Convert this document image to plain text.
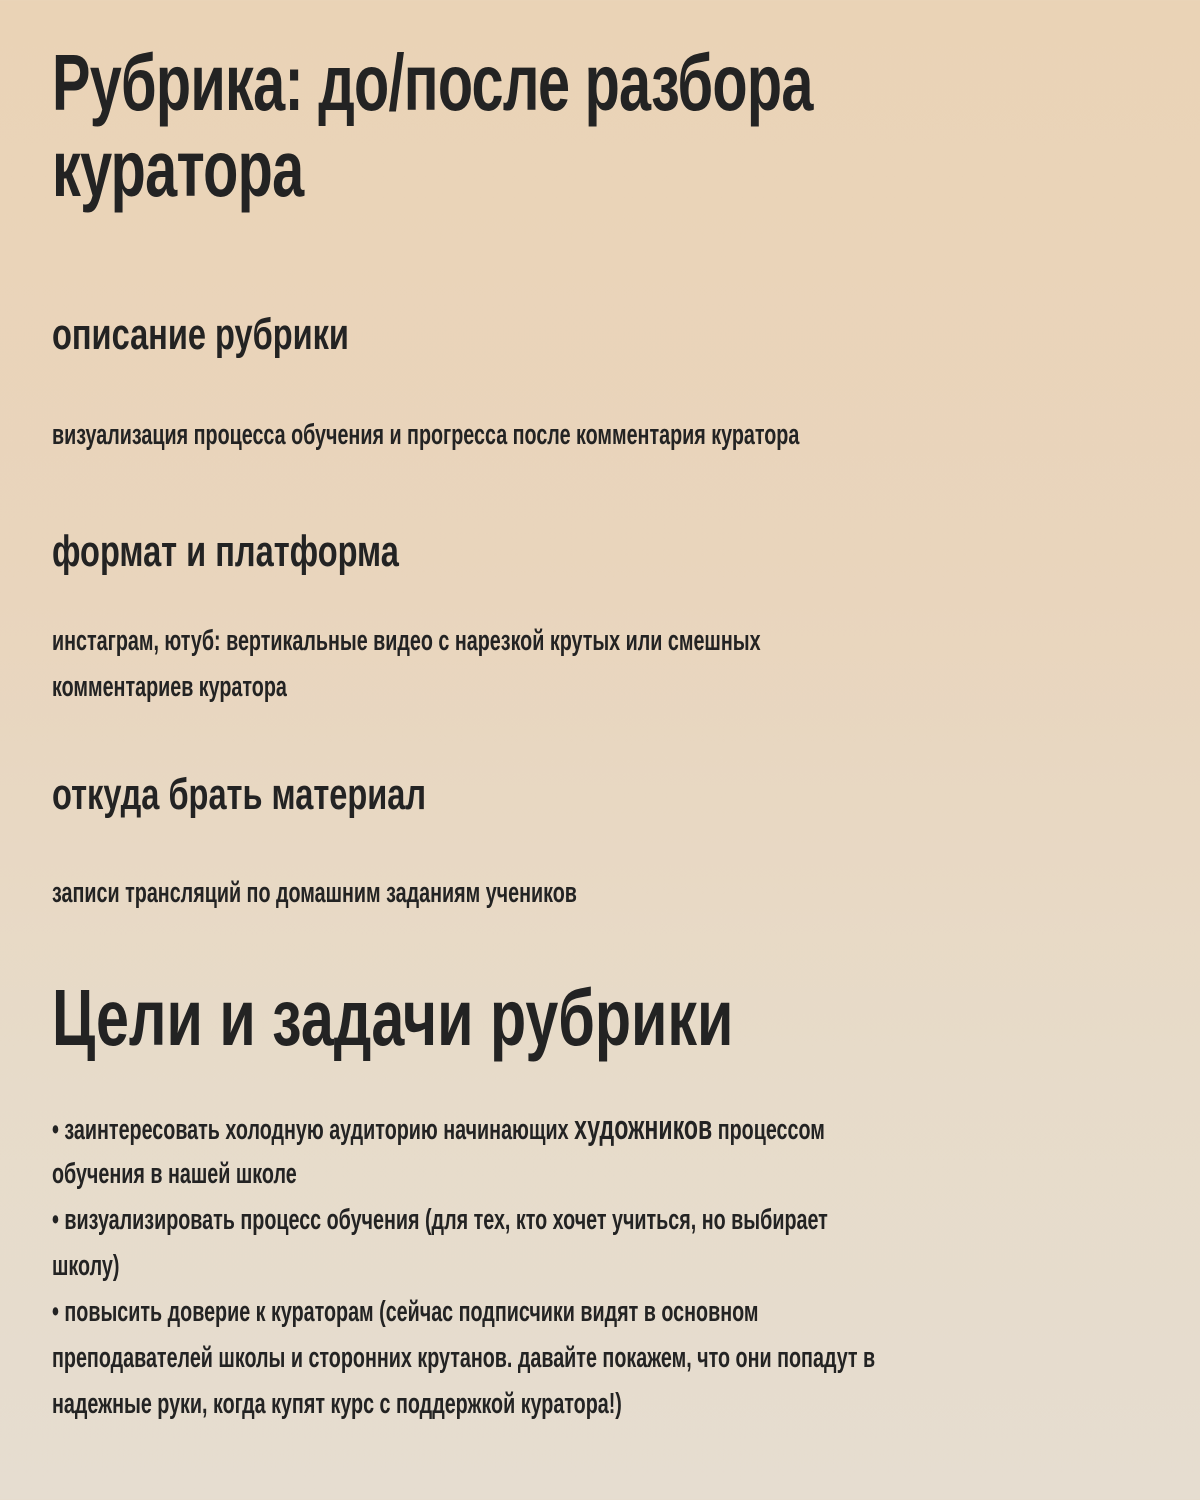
Рубрика: до/после разбора
куратора
описание рубрики

визуализация процесса обучения и прогресса после комментария куратора

формат и платформа

инстаграм, ютуб: вертикальные видео с нарезкой крутых или смешных
комментариев куратора

откуда брать материал

записи трансляций по домашним заданиям учеников

Цели и задачи рубрики
• заинтересовать холодную аудиторию начинающих художников процессом
обучения в нашей школе
• визуализировать процесс обучения (для тех, кто хочет учиться, но выбирает
школу)
• повысить доверие к кураторам (сейчас подписчики видят в основном
преподавателей школы и сторонних крутанов. давайте покажем, что они попадут в
надежные руки, когда купят курс с поддержкой куратора!)
